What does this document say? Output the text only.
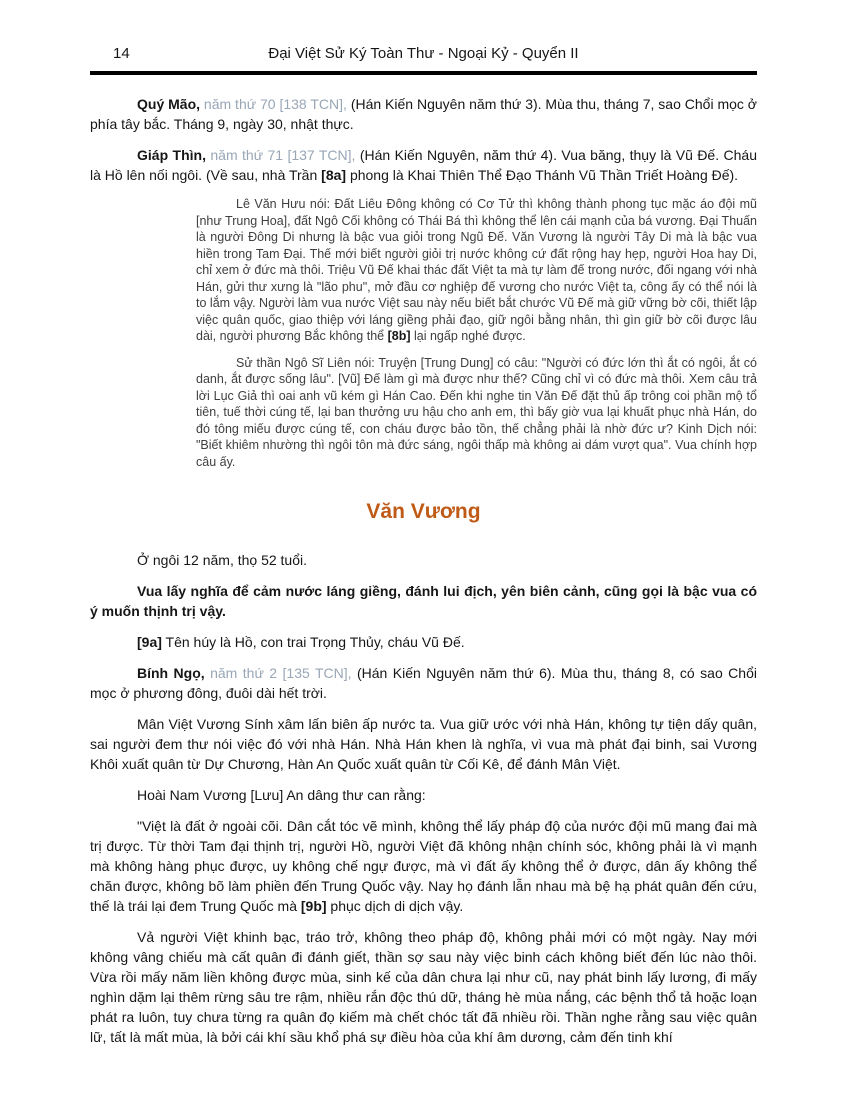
14	Đại Việt Sử Ký Toàn Thư - Ngoại Kỷ - Quyển II

Quý Mão, năm thứ 70 [138 TCN], (Hán Kiến Nguyên năm thứ 3). Mùa thu, tháng 7, sao Chổi mọc ở phía tây bắc. Tháng 9, ngày 30, nhật thực.

Giáp Thìn, năm thứ 71 [137 TCN], (Hán Kiến Nguyên, năm thứ 4). Vua băng, thụy là Vũ Đế. Cháu là Hồ lên nối ngôi. (Về sau, nhà Trần [8a] phong là Khai Thiên Thể Đạo Thánh Vũ Thần Triết Hoàng Đế).

Lê Văn Hưu nói: Đất Liêu Đông không có Cơ Tử thì không thành phong tục mặc áo đội mũ [như Trung Hoa], đất Ngô Cối không có Thái Bá thì không thể lên cái mạnh của bá vương. Đại Thuấn là người Đông Di nhưng là bậc vua giỏi trong Ngũ Đế. Văn Vương là người Tây Di mà là bậc vua hiền trong Tam Đại. Thế mới biết người giỏi trị nước không cứ đất rộng hay hẹp, người Hoa hay Di, chỉ xem ở đức mà thôi. Triệu Vũ Đế khai thác đất Việt ta mà tự làm đế trong nước, đối ngang với nhà Hán, gửi thư xưng là "lão phu", mở đầu cơ nghiệp đế vương cho nước Việt ta, công ấy có thể nói là to lắm vậy. Người làm vua nước Việt sau này nếu biết bắt chước Vũ Đế mà giữ vững bờ cõi, thiết lập việc quân quốc, giao thiệp với láng giềng phải đạo, giữ ngôi bằng nhân, thì gìn giữ bờ cõi được lâu dài, người phương Bắc không thể [8b] lại ngấp nghé được.
Sử thần Ngô Sĩ Liên nói: Truyện [Trung Dung] có câu: "Người có đức lớn thì ắt có ngôi, ắt có danh, ắt được sống lâu". [Vũ] Đế làm gì mà được như thế? Cũng chỉ vì có đức mà thôi. Xem câu trả lời Lục Giả thì oai anh vũ kém gì Hán Cao. Đến khi nghe tin Văn Đế đặt thủ ấp trông coi phần mộ tổ tiên, tuế thời cúng tế, lại ban thưởng ưu hậu cho anh em, thì bấy giờ vua lại khuất phục nhà Hán, do đó tông miếu được cúng tế, con cháu được bảo tồn, thế chẳng phải là nhờ đức ư? Kinh Dịch nói: "Biết khiêm nhường thì ngôi tôn mà đức sáng, ngôi thấp mà không ai dám vượt qua". Vua chính hợp câu ấy.
Văn Vương

Ở ngôi 12 năm, thọ 52 tuổi.

Vua lấy nghĩa để cảm nước láng giềng, đánh lui địch, yên biên cảnh, cũng gọi là bậc vua có ý muốn thịnh trị vậy.

[9a] Tên húy là Hồ, con trai Trọng Thủy, cháu Vũ Đế.

Bính Ngọ, năm thứ 2 [135 TCN], (Hán Kiến Nguyên năm thứ 6). Mùa thu, tháng 8, có sao Chổi mọc ở phương đông, đuôi dài hết trời.

Mân Việt Vương Sính xâm lấn biên ấp nước ta. Vua giữ ước với nhà Hán, không tự tiện dấy quân, sai người đem thư nói việc đó với nhà Hán. Nhà Hán khen là nghĩa, vì vua mà phát đại binh, sai Vương Khôi xuất quân từ Dự Chương, Hàn An Quốc xuất quân từ Cối Kê, để đánh Mân Việt.

Hoài Nam Vương [Lưu] An dâng thư can rằng:

"Việt là đất ở ngoài cõi. Dân cắt tóc vẽ mình, không thể lấy pháp độ của nước đội mũ mang đai mà trị được. Từ thời Tam đại thịnh trị, người Hồ, người Việt đã không nhận chính sóc, không phải là vì mạnh mà không hàng phục được, uy không chế ngự được, mà vì đất ấy không thể ở được, dân ấy không thể chăn được, không bõ làm phiền đến Trung Quốc vậy. Nay họ đánh lẫn nhau mà bệ hạ phát quân đến cứu, thế là trái lại đem Trung Quốc mà [9b] phục dịch di dịch vậy.

Vả người Việt khinh bạc, tráo trở, không theo pháp độ, không phải mới có một ngày. Nay mới không vâng chiếu mà cất quân đi đánh giết, thần sợ sau này việc binh cách không biết đến lúc nào thôi. Vừa rồi mấy năm liền không được mùa, sinh kế của dân chưa lại như cũ, nay phát binh lấy lương, đi mấy nghìn dặm lại thêm rừng sâu tre rậm, nhiều rắn độc thú dữ, tháng hè mùa nắng, các bệnh thổ tả hoặc loạn phát ra luôn, tuy chưa từng ra quân đọ kiếm mà chết chóc tất đã nhiều rồi. Thần nghe rằng sau việc quân lữ, tất là mất mùa, là bởi cái khí sầu khổ phá sự điều hòa của khí âm dương, cảm đến tinh khí
